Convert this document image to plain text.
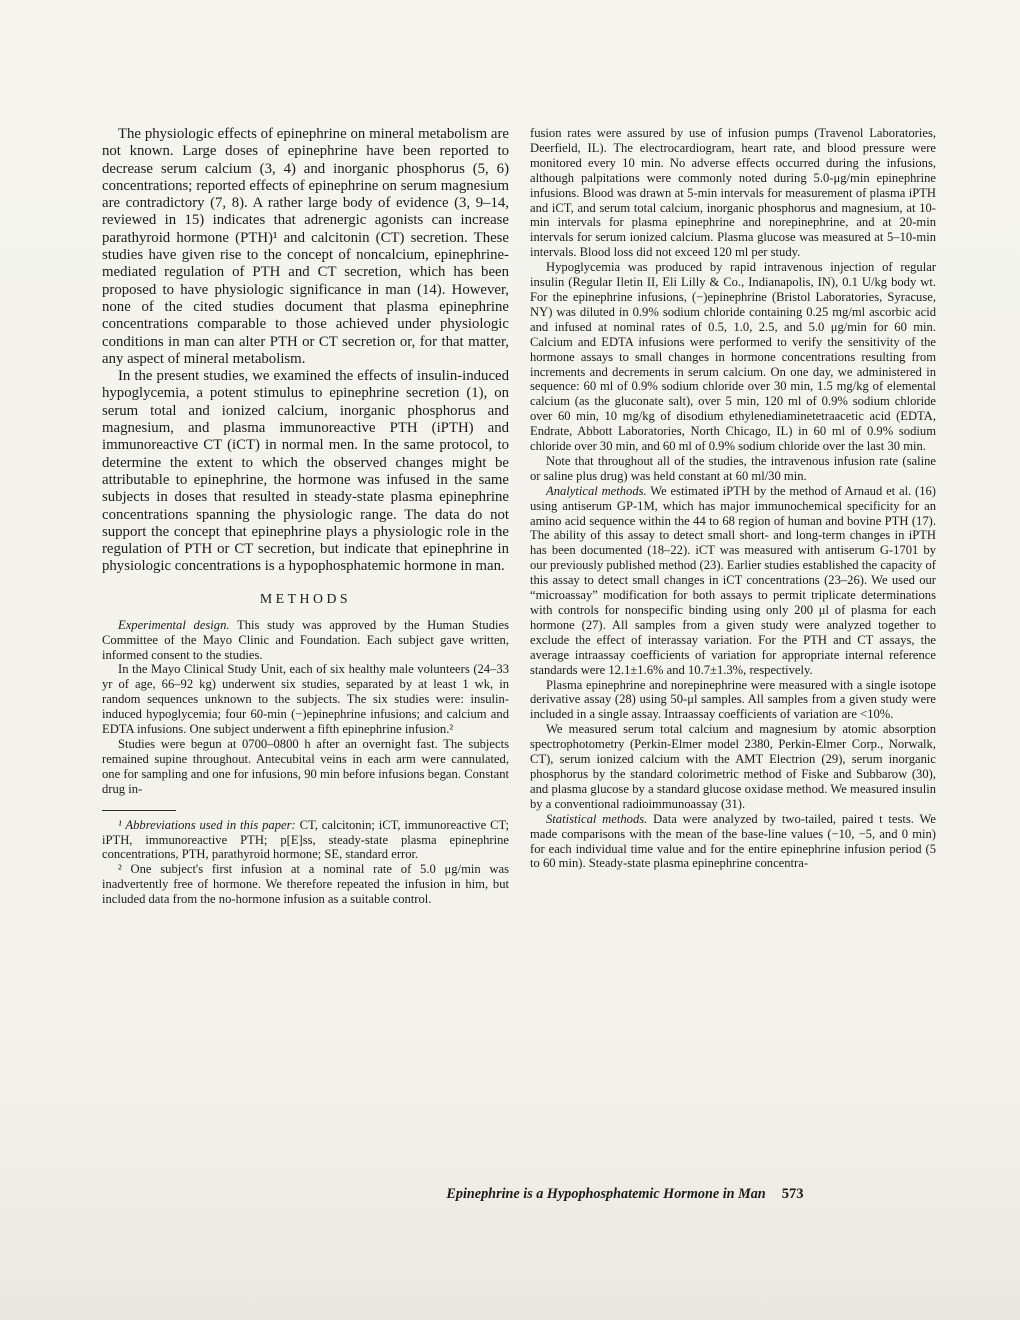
The physiologic effects of epinephrine on mineral metabolism are not known. Large doses of epinephrine have been reported to decrease serum calcium (3, 4) and inorganic phosphorus (5, 6) concentrations; reported effects of epinephrine on serum magnesium are contradictory (7, 8). A rather large body of evidence (3, 9–14, reviewed in 15) indicates that adrenergic agonists can increase parathyroid hormone (PTH)¹ and calcitonin (CT) secretion. These studies have given rise to the concept of noncalcium, epinephrine-mediated regulation of PTH and CT secretion, which has been proposed to have physiologic significance in man (14). However, none of the cited studies document that plasma epinephrine concentrations comparable to those achieved under physiologic conditions in man can alter PTH or CT secretion or, for that matter, any aspect of mineral metabolism.

In the present studies, we examined the effects of insulin-induced hypoglycemia, a potent stimulus to epinephrine secretion (1), on serum total and ionized calcium, inorganic phosphorus and magnesium, and plasma immunoreactive PTH (iPTH) and immunoreactive CT (iCT) in normal men. In the same protocol, to determine the extent to which the observed changes might be attributable to epinephrine, the hormone was infused in the same subjects in doses that resulted in steady-state plasma epinephrine concentrations spanning the physiologic range. The data do not support the concept that epinephrine plays a physiologic role in the regulation of PTH or CT secretion, but indicate that epinephrine in physiologic concentrations is a hypophosphatemic hormone in man.

METHODS

Experimental design. This study was approved by the Human Studies Committee of the Mayo Clinic and Foundation. Each subject gave written, informed consent to the studies.

In the Mayo Clinical Study Unit, each of six healthy male volunteers (24–33 yr of age, 66–92 kg) underwent six studies, separated by at least 1 wk, in random sequences unknown to the subjects. The six studies were: insulin-induced hypoglycemia; four 60-min (−)epinephrine infusions; and calcium and EDTA infusions. One subject underwent a fifth epinephrine infusion.²

Studies were begun at 0700–0800 h after an overnight fast. The subjects remained supine throughout. Antecubital veins in each arm were cannulated, one for sampling and one for infusions, 90 min before infusions began. Constant drug in-

¹ Abbreviations used in this paper: CT, calcitonin; iCT, immunoreactive CT; iPTH, immunoreactive PTH; p[E]ss, steady-state plasma epinephrine concentrations, PTH, parathyroid hormone; SE, standard error.

² One subject's first infusion at a nominal rate of 5.0 μg/min was inadvertently free of hormone. We therefore repeated the infusion in him, but included data from the no-hormone infusion as a suitable control.

fusion rates were assured by use of infusion pumps (Travenol Laboratories, Deerfield, IL). The electrocardiogram, heart rate, and blood pressure were monitored every 10 min. No adverse effects occurred during the infusions, although palpitations were commonly noted during 5.0-μg/min epinephrine infusions. Blood was drawn at 5-min intervals for measurement of plasma iPTH and iCT, and serum total calcium, inorganic phosphorus and magnesium, at 10-min intervals for plasma epinephrine and norepinephrine, and at 20-min intervals for serum ionized calcium. Plasma glucose was measured at 5–10-min intervals. Blood loss did not exceed 120 ml per study.

Hypoglycemia was produced by rapid intravenous injection of regular insulin (Regular Iletin II, Eli Lilly & Co., Indianapolis, IN), 0.1 U/kg body wt. For the epinephrine infusions, (−)epinephrine (Bristol Laboratories, Syracuse, NY) was diluted in 0.9% sodium chloride containing 0.25 mg/ml ascorbic acid and infused at nominal rates of 0.5, 1.0, 2.5, and 5.0 μg/min for 60 min. Calcium and EDTA infusions were performed to verify the sensitivity of the hormone assays to small changes in hormone concentrations resulting from increments and decrements in serum calcium. On one day, we administered in sequence: 60 ml of 0.9% sodium chloride over 30 min, 1.5 mg/kg of elemental calcium (as the gluconate salt), over 5 min, 120 ml of 0.9% sodium chloride over 60 min, 10 mg/kg of disodium ethylenediaminetetraacetic acid (EDTA, Endrate, Abbott Laboratories, North Chicago, IL) in 60 ml of 0.9% sodium chloride over 30 min, and 60 ml of 0.9% sodium chloride over the last 30 min.

Note that throughout all of the studies, the intravenous infusion rate (saline or saline plus drug) was held constant at 60 ml/30 min.

Analytical methods. We estimated iPTH by the method of Arnaud et al. (16) using antiserum GP-1M, which has major immunochemical specificity for an amino acid sequence within the 44 to 68 region of human and bovine PTH (17). The ability of this assay to detect small short- and long-term changes in iPTH has been documented (18–22). iCT was measured with antiserum G-1701 by our previously published method (23). Earlier studies established the capacity of this assay to detect small changes in iCT concentrations (23–26). We used our “microassay” modification for both assays to permit triplicate determinations with controls for nonspecific binding using only 200 μl of plasma for each hormone (27). All samples from a given study were analyzed together to exclude the effect of interassay variation. For the PTH and CT assays, the average intraassay coefficients of variation for appropriate internal reference standards were 12.1±1.6% and 10.7±1.3%, respectively.

Plasma epinephrine and norepinephrine were measured with a single isotope derivative assay (28) using 50-μl samples. All samples from a given study were included in a single assay. Intraassay coefficients of variation are <10%.

We measured serum total calcium and magnesium by atomic absorption spectrophotometry (Perkin-Elmer model 2380, Perkin-Elmer Corp., Norwalk, CT), serum ionized calcium with the AMT Electrion (29), serum inorganic phosphorus by the standard colorimetric method of Fiske and Subbarow (30), and plasma glucose by a standard glucose oxidase method. We measured insulin by a conventional radioimmunoassay (31).

Statistical methods. Data were analyzed by two-tailed, paired t tests. We made comparisons with the mean of the base-line values (−10, −5, and 0 min) for each individual time value and for the entire epinephrine infusion period (5 to 60 min). Steady-state plasma epinephrine concentra-

Epinephrine is a Hypophosphatemic Hormone in Man 573
